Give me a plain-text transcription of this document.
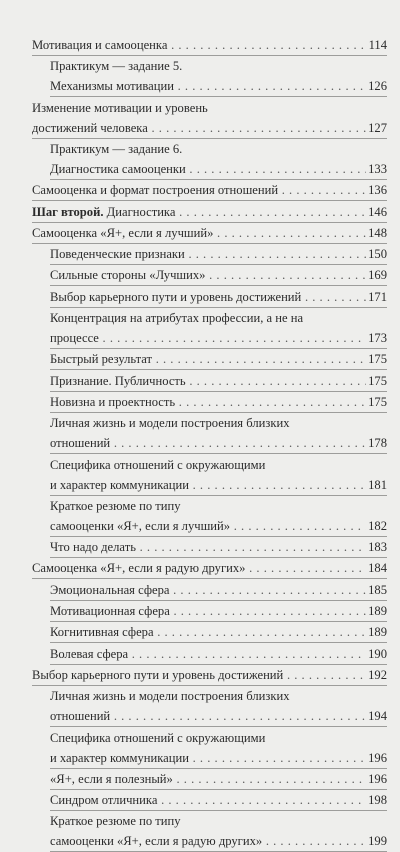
Мотивация и самооценка . . .	114
Практикум — задание 5.
Механизмы мотивации . . .	126
Изменение мотивации и уровень
достижений человека . . .	127
Практикум — задание 6.
Диагностика самооценки . . .	133
Самооценка и формат построения отношений . . .	136
Шаг второй. Диагностика . . .	146
Самооценка «Я+, если я лучший» . . .	148
Поведенческие признаки . . .	150
Сильные стороны «Лучших» . . .	169
Выбор карьерного пути и уровень достижений . . .	171
Концентрация на атрибутах профессии, а не на
процессе . . .	173
Быстрый результат . . .	175
Признание. Публичность . . .	175
Новизна и проектность . . .	175
Личная жизнь и модели построения близких
отношений . . .	178
Специфика отношений с окружающими
и характер коммуникации . . .	181
Краткое резюме по типу
самооценки «Я+, если я лучший» . . .	182
Что надо делать . . .	183
Самооценка «Я+, если я радую других» . . .	184
Эмоциональная сфера . . .	185
Мотивационная сфера . . .	189
Когнитивная сфера . . .	189
Волевая сфера . . .	190
Выбор карьерного пути и уровень достижений . . .	192
Личная жизнь и модели построения близких
отношений . . .	194
Специфика отношений с окружающими
и характер коммуникации . . .	196
«Я+, если я полезный» . . .	196
Синдром отличника . . .	198
Краткое резюме по типу
самооценки «Я+, если я радую других» . . .	199
